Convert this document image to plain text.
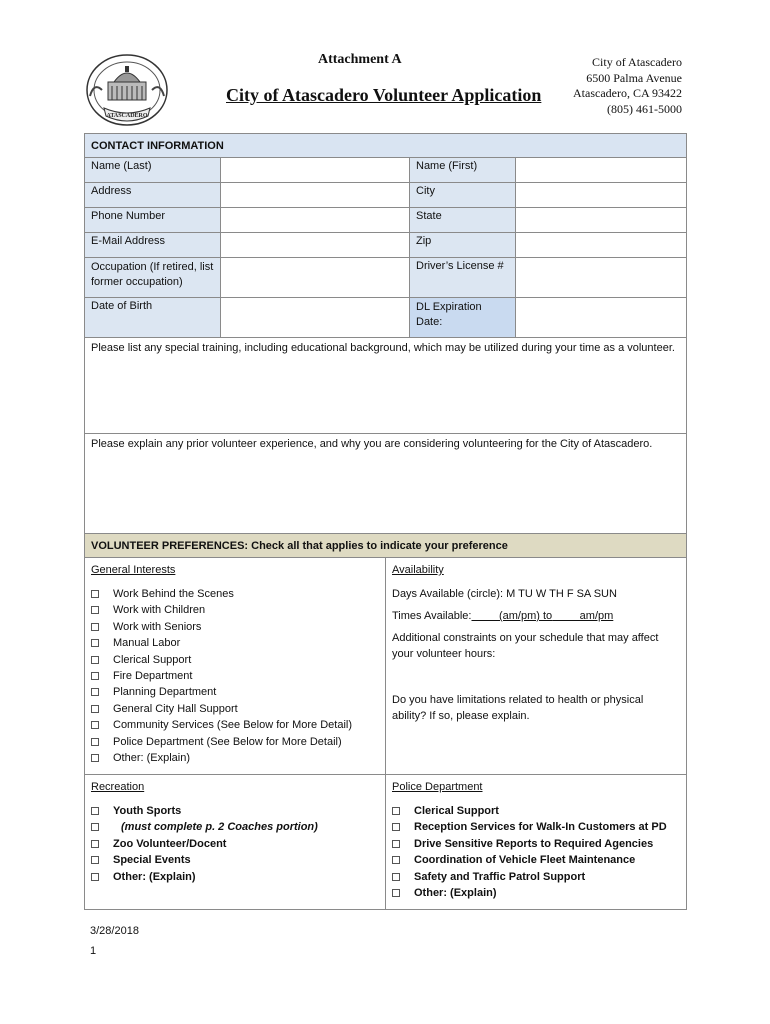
ATASCADERO
Attachment A
City of Atascadero Volunteer Application
City of Atascadero
6500 Palma Avenue
Atascadero, CA 93422
(805) 461-5000
CONTACT INFORMATION			
Name (Last)		Name (First)	
Address		City	
Phone Number		State	
E-Mail Address		Zip	
Occupation (If retired, list former occupation)		Driver’s License #	
Date of Birth		DL Expiration Date:	
Please list any special training, including educational background, which may be utilized during your time as a volunteer.			
Please explain any prior volunteer experience, and why you are considering volunteering for the City of Atascadero.			
VOLUNTEER PREFERENCES: Check all that applies to indicate your preference
General Interests
Work Behind the Scenes
Work with Children
Work with Seniors
Manual Labor
Clerical Support
Fire Department
Planning Department
General City Hall Support
Community Services (See Below for More Detail)
Police Department (See Below for More Detail)
Other: (Explain)
Availability
Days Available (circle): M TU W TH F SA SUN
Times Available:         (am/pm) to         am/pm
Additional constraints on your schedule that may affect your volunteer hours:
Do you have limitations related to health or physical ability? If so, please explain.
Recreation
Youth Sports
(must complete p. 2 Coaches portion)
Zoo Volunteer/Docent
Special Events
Other: (Explain)
Police Department
Clerical Support
Reception Services for Walk-In Customers at PD
Drive Sensitive Reports to Required Agencies
Coordination of Vehicle Fleet Maintenance
Safety and Traffic Patrol Support
Other: (Explain)
3/28/2018
1
